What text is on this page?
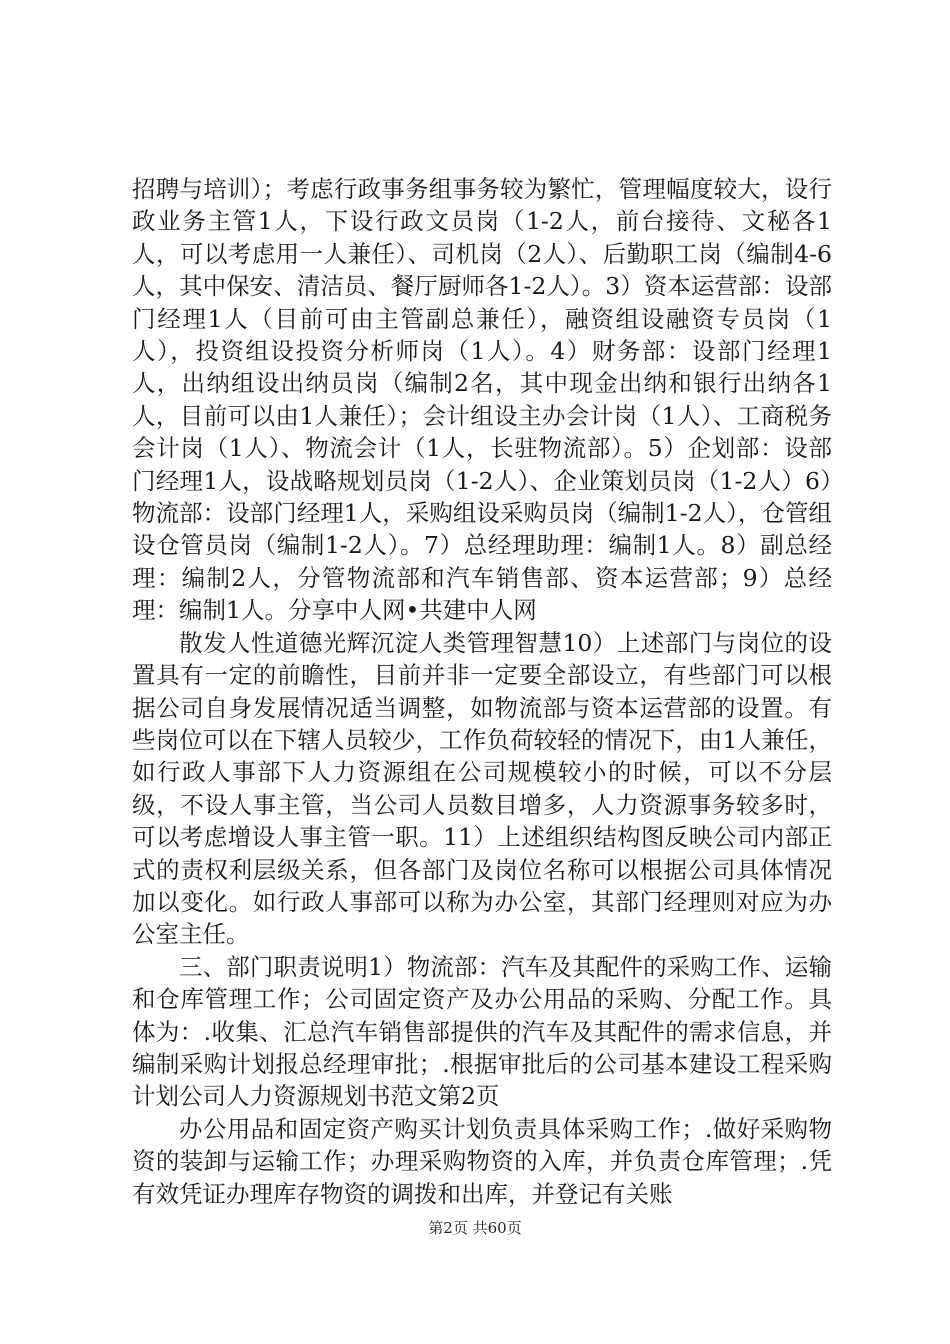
招聘与培训）；考虑行政事务组事务较为繁忙，管理幅度较大，设行政业务主管1人，下设行政文员岗（1-2人，前台接待、文秘各1人，可以考虑用一人兼任）、司机岗（2人）、后勤职工岗（编制4-6人，其中保安、清洁员、餐厅厨师各1-2人）。3）资本运营部：设部门经理1人（目前可由主管副总兼任），融资组设融资专员岗（1人），投资组设投资分析师岗（1人）。4）财务部：设部门经理1人，出纳组设出纳员岗（编制2名，其中现金出纳和银行出纳各1人，目前可以由1人兼任）；会计组设主办会计岗（1人）、工商税务会计岗（1人）、物流会计（1人，长驻物流部）。5）企划部：设部门经理1人，设战略规划员岗（1-2人）、企业策划员岗（1-2人）6）物流部：设部门经理1人，采购组设采购员岗（编制1-2人），仓管组设仓管员岗（编制1-2人）。7）总经理助理：编制1人。8）副总经理：编制2人，分管物流部和汽车销售部、资本运营部；9）总经理：编制1人。分享中人网•共建中人网

散发人性道德光辉沉淀人类管理智慧10）上述部门与岗位的设置具有一定的前瞻性，目前并非一定要全部设立，有些部门可以根据公司自身发展情况适当调整，如物流部与资本运营部的设置。有些岗位可以在下辖人员较少，工作负荷较轻的情况下，由1人兼任，如行政人事部下人力资源组在公司规模较小的时候，可以不分层级，不设人事主管，当公司人员数目增多，人力资源事务较多时，可以考虑增设人事主管一职。11）上述组织结构图反映公司内部正式的责权利层级关系，但各部门及岗位名称可以根据公司具体情况加以变化。如行政人事部可以称为办公室，其部门经理则对应为办公室主任。

三、部门职责说明1）物流部：汽车及其配件的采购工作、运输和仓库管理工作；公司固定资产及办公用品的采购、分配工作。具体为：.收集、汇总汽车销售部提供的汽车及其配件的需求信息，并编制采购计划报总经理审批；.根据审批后的公司基本建设工程采购计划公司人力资源规划书范文第2页

办公用品和固定资产购买计划负责具体采购工作；.做好采购物资的装卸与运输工作；办理采购物资的入库，并负责仓库管理；.凭有效凭证办理库存物资的调拨和出库，并登记有关账

第2页 共60页
